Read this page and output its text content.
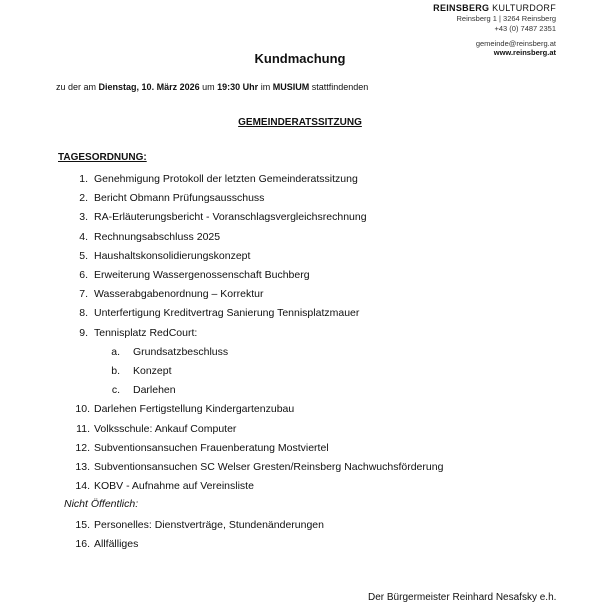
REINSBERG KULTURDORF
Reinsberg 1 | 3264 Reinsberg
+43 (0) 7487 2351
gemeinde@reinsberg.at
www.reinsberg.at
Kundmachung
zu der am Dienstag, 10. März 2026 um 19:30 Uhr im MUSIUM stattfindenden
GEMEINDERATSSITZUNG
TAGESORDNUNG:
1. Genehmigung Protokoll der letzten Gemeinderatssitzung
2. Bericht Obmann Prüfungsausschuss
3. RA-Erläuterungsbericht - Voranschlagsvergleichsrechnung
4. Rechnungsabschluss 2025
5. Haushaltskonsolidierungskonzept
6. Erweiterung Wassergenossenschaft Buchberg
7. Wasserabgabenordnung – Korrektur
8. Unterfertigung Kreditvertrag Sanierung Tennisplatzmauer
9. Tennisplatz RedCourt:
a. Grundsatzbeschluss
b. Konzept
c. Darlehen
10. Darlehen Fertigstellung Kindergartenzubau
11. Volksschule: Ankauf Computer
12. Subventionsansuchen Frauenberatung Mostviertel
13. Subventionsansuchen SC Welser Gresten/Reinsberg Nachwuchsförderung
14. KOBV - Aufnahme auf Vereinsliste
Nicht Öffentlich:
15. Personelles: Dienstverträge, Stundenänderungen
16. Allfälliges
Der Bürgermeister Reinhard Nesafsky e.h.
